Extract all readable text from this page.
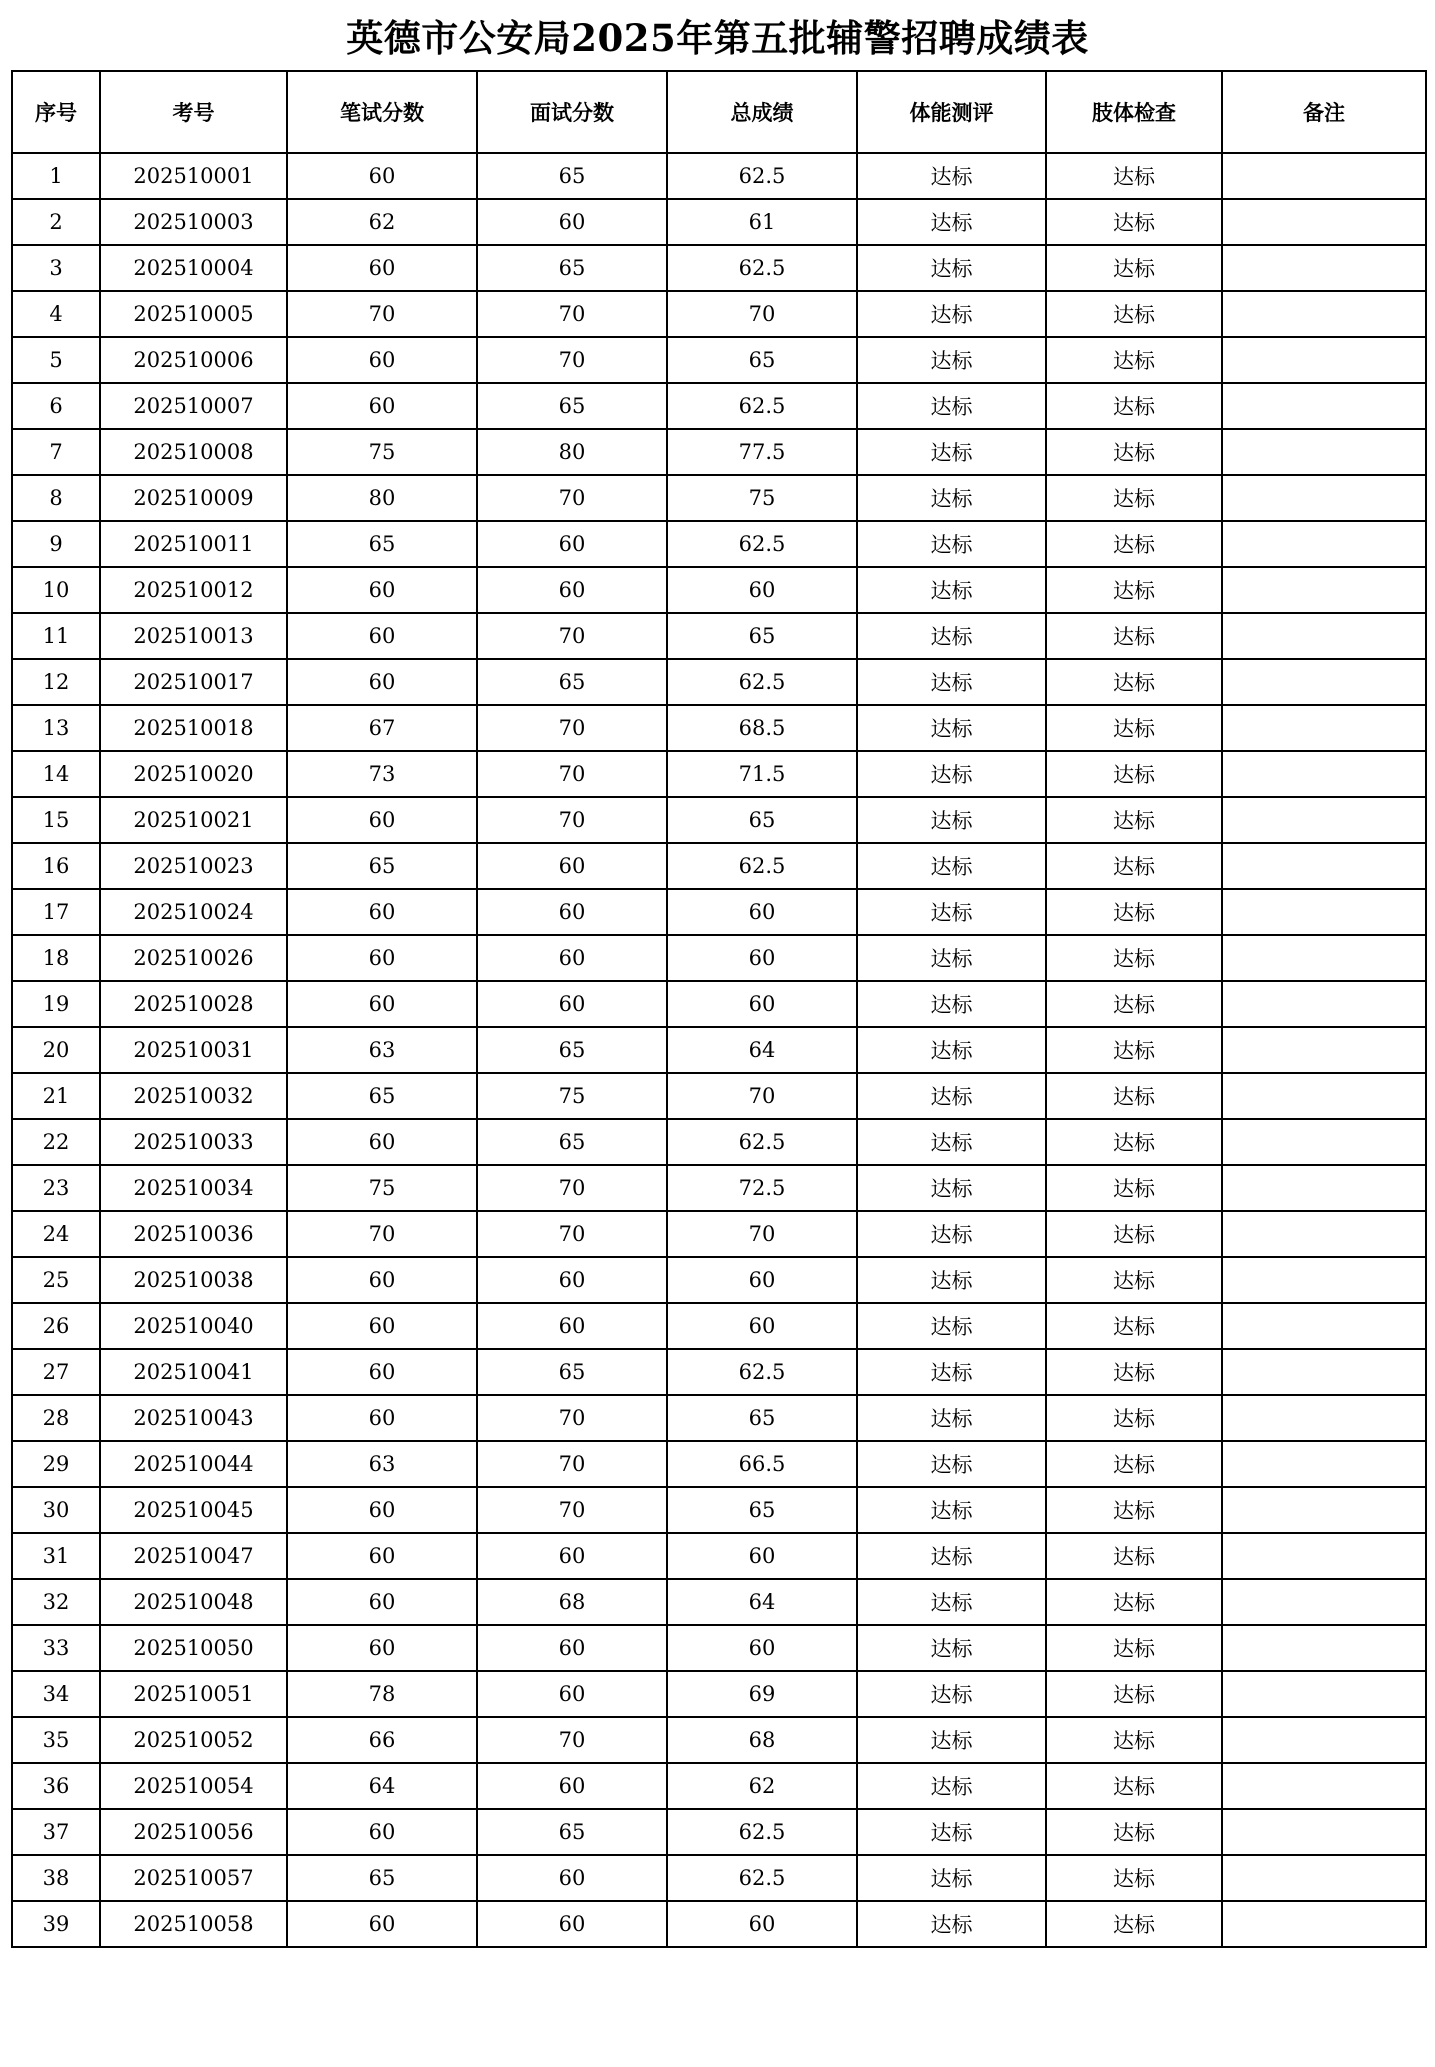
英德市公安局2025年第五批辅警招聘成绩表
序号	考号	笔试分数	面试分数	总成绩	体能测评	肢体检查	备注
1	202510001	60	65	62.5	达标	达标	
2	202510003	62	60	61	达标	达标	
3	202510004	60	65	62.5	达标	达标	
4	202510005	70	70	70	达标	达标	
5	202510006	60	70	65	达标	达标	
6	202510007	60	65	62.5	达标	达标	
7	202510008	75	80	77.5	达标	达标	
8	202510009	80	70	75	达标	达标	
9	202510011	65	60	62.5	达标	达标	
10	202510012	60	60	60	达标	达标	
11	202510013	60	70	65	达标	达标	
12	202510017	60	65	62.5	达标	达标	
13	202510018	67	70	68.5	达标	达标	
14	202510020	73	70	71.5	达标	达标	
15	202510021	60	70	65	达标	达标	
16	202510023	65	60	62.5	达标	达标	
17	202510024	60	60	60	达标	达标	
18	202510026	60	60	60	达标	达标	
19	202510028	60	60	60	达标	达标	
20	202510031	63	65	64	达标	达标	
21	202510032	65	75	70	达标	达标	
22	202510033	60	65	62.5	达标	达标	
23	202510034	75	70	72.5	达标	达标	
24	202510036	70	70	70	达标	达标	
25	202510038	60	60	60	达标	达标	
26	202510040	60	60	60	达标	达标	
27	202510041	60	65	62.5	达标	达标	
28	202510043	60	70	65	达标	达标	
29	202510044	63	70	66.5	达标	达标	
30	202510045	60	70	65	达标	达标	
31	202510047	60	60	60	达标	达标	
32	202510048	60	68	64	达标	达标	
33	202510050	60	60	60	达标	达标	
34	202510051	78	60	69	达标	达标	
35	202510052	66	70	68	达标	达标	
36	202510054	64	60	62	达标	达标	
37	202510056	60	65	62.5	达标	达标	
38	202510057	65	60	62.5	达标	达标	
39	202510058	60	60	60	达标	达标	
